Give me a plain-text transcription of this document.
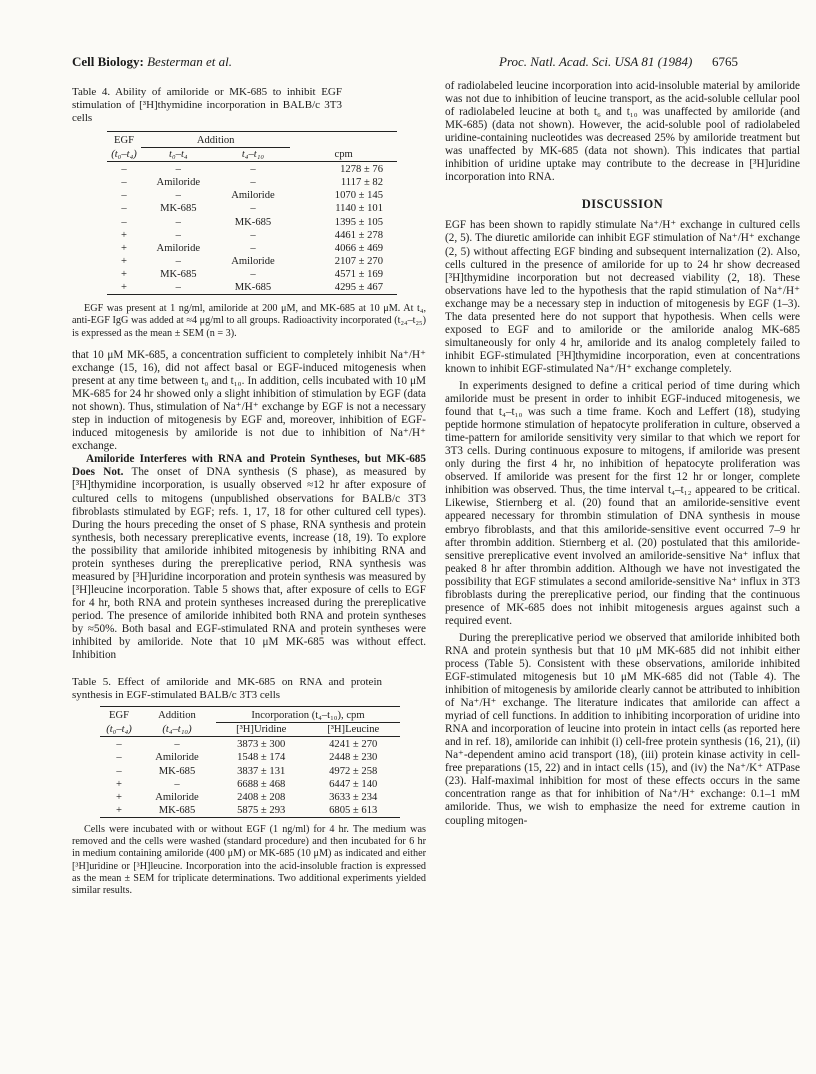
Cell Biology: Besterman et al.	Proc. Natl. Acad. Sci. USA 81 (1984) 6765
Table 4. Ability of amiloride or MK-685 to inhibit EGF stimulation of [³H]thymidine incorporation in BALB/c 3T3 cells

EGF	Addition		
(t₀–t₄)	t₀–t₄	t₄–t₁₀	cpm

–	–	–	1278 ± 76
–	Amiloride	–	1117 ± 82
–	–	Amiloride	1070 ± 145
–	MK-685	–	1140 ± 101
–	–	MK-685	1395 ± 105
+	–	–	4461 ± 278
+	Amiloride	–	4066 ± 469
+	–	Amiloride	2107 ± 270
+	MK-685	–	4571 ± 169
+	–	MK-685	4295 ± 467

EGF was present at 1 ng/ml, amiloride at 200 μM, and MK-685 at 10 μM. At t₄, anti-EGF IgG was added at ≈4 μg/ml to all groups. Radioactivity incorporated (t₂₄–t₂₅) is expressed as the mean ± SEM (n = 3).

that 10 μM MK-685, a concentration sufficient to completely inhibit Na⁺/H⁺ exchange (15, 16), did not affect basal or EGF-induced mitogenesis when present at any time between t₀ and t₁₀. In addition, cells incubated with 10 μM MK-685 for 24 hr showed only a slight inhibition of stimulation by EGF (data not shown). Thus, stimulation of Na⁺/H⁺ exchange by EGF is not a necessary step in induction of mitogenesis by EGF and, moreover, inhibition of EGF-induced mitogenesis by amiloride is not due to inhibition of Na⁺/H⁺ exchange.

Amiloride Interferes with RNA and Protein Syntheses, but MK-685 Does Not. The onset of DNA synthesis (S phase), as measured by [³H]thymidine incorporation, is usually observed ≈12 hr after exposure of cultured cells to mitogens (unpublished observations for BALB/c 3T3 fibroblasts stimulated by EGF; refs. 1, 17, 18 for other cultured cell types). During the hours preceding the onset of S phase, RNA synthesis and protein synthesis, both necessary prereplicative events, increase (18, 19). To explore the possibility that amiloride inhibited mitogenesis by inhibiting RNA and protein syntheses during the prereplicative period, RNA synthesis was measured by [³H]uridine incorporation and protein synthesis was measured by [³H]leucine incorporation. Table 5 shows that, after exposure of cells to EGF for 4 hr, both RNA and protein syntheses increased during the prereplicative period. The presence of amiloride inhibited both RNA and protein syntheses by ≈50%. Both basal and EGF-stimulated RNA and protein syntheses were inhibited by amiloride. Note that 10 μM MK-685 was without effect. Inhibition

Table 5. Effect of amiloride and MK-685 on RNA and protein synthesis in EGF-stimulated BALB/c 3T3 cells

EGF	Addition	Incorporation (t₄–t₁₀), cpm	
(t₀–t₄)	(t₄–t₁₀)	[³H]Uridine	[³H]Leucine

–	–	3873 ± 300	4241 ± 270
–	Amiloride	1548 ± 174	2448 ± 230
–	MK-685	3837 ± 131	4972 ± 258
+	–	6688 ± 468	6447 ± 140
+	Amiloride	2408 ± 208	3633 ± 234
+	MK-685	5875 ± 293	6805 ± 613

Cells were incubated with or without EGF (1 ng/ml) for 4 hr. The medium was removed and the cells were washed (standard procedure) and then incubated for 6 hr in medium containing amiloride (400 μM) or MK-685 (10 μM) as indicated and either [³H]uridine or [³H]leucine. Incorporation into the acid-insoluble fraction is expressed as the mean ± SEM for triplicate determinations. Two additional experiments yielded similar results.

of radiolabeled leucine incorporation into acid-insoluble material by amiloride was not due to inhibition of leucine transport, as the acid-soluble cellular pool of radiolabeled leucine at both t₆ and t₁₀ was unaffected by amiloride (and MK-685) (data not shown). However, the acid-soluble pool of radiolabeled uridine-containing nucleotides was decreased 25% by amiloride treatment but was unaffected by MK-685 (data not shown). This indicates that partial inhibition of uridine uptake may contribute to the decrease in [³H]uridine incorporation into RNA.

DISCUSSION

EGF has been shown to rapidly stimulate Na⁺/H⁺ exchange in cultured cells (2, 5). The diuretic amiloride can inhibit EGF stimulation of Na⁺/H⁺ exchange (2, 5) without affecting EGF binding and subsequent internalization (2). Also, cells cultured in the presence of amiloride for up to 24 hr show decreased [³H]thymidine incorporation but not decreased viability (2, 18). These observations have led to the hypothesis that the rapid stimulation of Na⁺/H⁺ exchange may be a necessary step in induction of mitogenesis by EGF (1–3). The data presented here do not support that hypothesis. When cells were exposed to EGF and to amiloride or the amiloride analog MK-685 simultaneously for only 4 hr, amiloride and its analog completely failed to inhibit EGF-stimulated [³H]thymidine incorporation, even at concentrations known to inhibit EGF-stimulated Na⁺/H⁺ exchange completely.

In experiments designed to define a critical period of time during which amiloride must be present in order to inhibit EGF-induced mitogenesis, we found that t₄–t₁₀ was such a time frame. Koch and Leffert (18), studying peptide hormone stimulation of hepatocyte proliferation in culture, observed a time-pattern for amiloride sensitivity very similar to that which we report for 3T3 cells. During continuous exposure to mitogens, if amiloride was present only during the first 4 hr, no inhibition of hepatocyte proliferation was observed. If amiloride was present for the first 12 hr or longer, complete inhibition was observed. Thus, the time interval t₄–t₁₂ appeared to be critical. Likewise, Stiernberg et al. (20) found that an amiloride-sensitive event appeared necessary for thrombin stimulation of DNA synthesis in mouse embryo fibroblasts, and that this amiloride-sensitive event occurred 7–9 hr after thrombin addition. Stiernberg et al. (20) postulated that this amiloride-sensitive prereplicative event involved an amiloride-sensitive Na⁺ influx that peaked 8 hr after thrombin addition. Although we have not investigated the possibility that EGF stimulates a second amiloride-sensitive Na⁺ influx in 3T3 fibroblasts during the prereplicative period, our finding that the continuous presence of MK-685 does not inhibit mitogenesis argues against such a required event.

During the prereplicative period we observed that amiloride inhibited both RNA and protein synthesis but that 10 μM MK-685 did not inhibit either process (Table 5). Consistent with these observations, amiloride inhibited EGF-stimulated mitogenesis but 10 μM MK-685 did not (Table 4). The inhibition of mitogenesis by amiloride clearly cannot be attributed to inhibition of Na⁺/H⁺ exchange. The literature indicates that amiloride can affect a myriad of cell functions. In addition to inhibiting incorporation of uridine into RNA and incorporation of leucine into protein in intact cells (as reported here and in ref. 18), amiloride can inhibit (i) cell-free protein synthesis (16, 21), (ii) Na⁺-dependent amino acid transport (18), (iii) protein kinase activity in cell-free preparations (15, 22) and in intact cells (15), and (iv) the Na⁺/K⁺ ATPase (23). Half-maximal inhibition for most of these effects occurs in the same concentration range as that for inhibition of Na⁺/H⁺ exchange: 0.1–1 mM amiloride. Thus, we wish to emphasize the need for extreme caution in coupling mitogen-
